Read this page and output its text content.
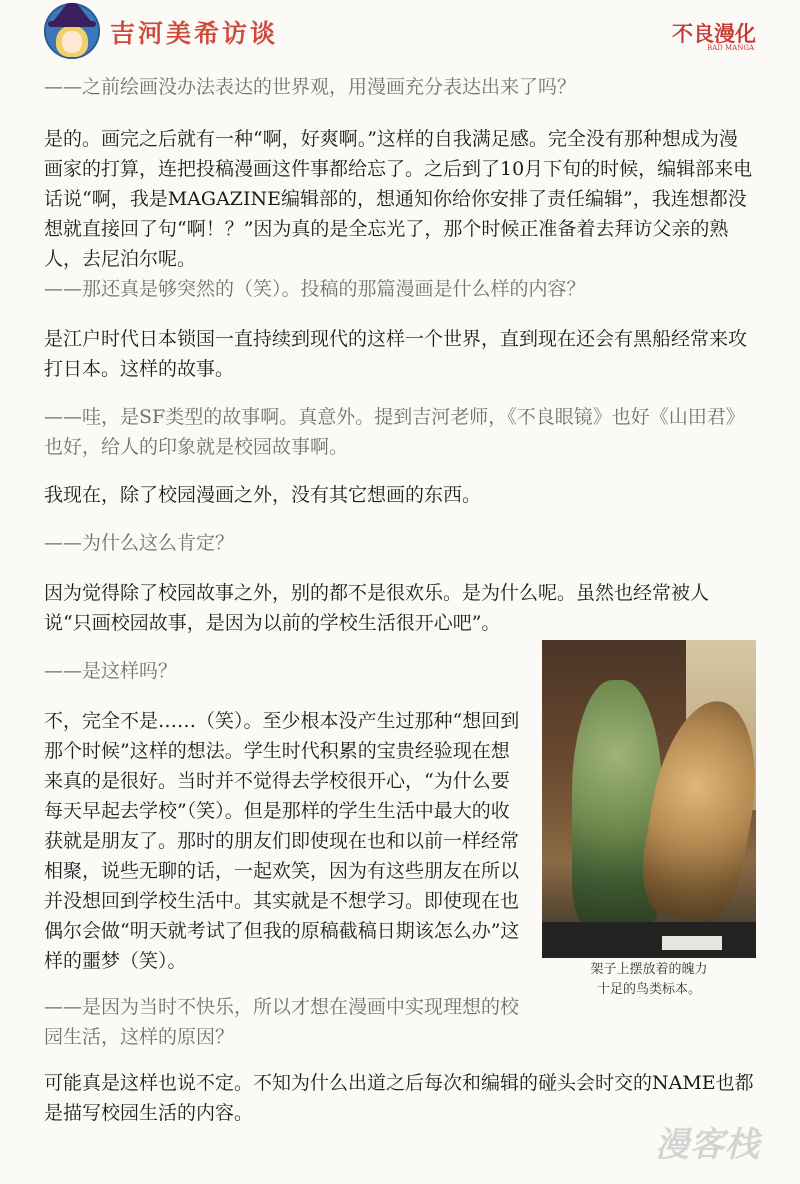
吉河美希访谈	不良漫化
BAD MANGA

——之前绘画没办法表达的世界观，用漫画充分表达出来了吗？

是的。画完之后就有一种“啊，好爽啊。”这样的自我满足感。完全没有那种想成为漫画家的打算，连把投稿漫画这件事都给忘了。之后到了10月下旬的时候，编辑部来电话说“啊，我是MAGAZINE编辑部的，想通知你给你安排了责任编辑”，我连想都没想就直接回了句“啊！？”因为真的是全忘光了，那个时候正准备着去拜访父亲的熟人，去尼泊尔呢。

——那还真是够突然的（笑）。投稿的那篇漫画是什么样的内容？

是江户时代日本锁国一直持续到现代的这样一个世界，直到现在还会有黑船经常来攻打日本。这样的故事。

——哇，是SF类型的故事啊。真意外。提到吉河老师，《不良眼镜》也好《山田君》也好，给人的印象就是校园故事啊。

我现在，除了校园漫画之外，没有其它想画的东西。

——为什么这么肯定？

因为觉得除了校园故事之外，别的都不是很欢乐。是为什么呢。虽然也经常被人说“只画校园故事，是因为以前的学校生活很开心吧”。

——是这样吗？

不，完全不是……（笑）。至少根本没产生过那种“想回到那个时候”这样的想法。学生时代积累的宝贵经验现在想来真的是很好。当时并不觉得去学校很开心，“为什么要每天早起去学校”（笑）。但是那样的学生生活中最大的收获就是朋友了。那时的朋友们即使现在也和以前一样经常相聚，说些无聊的话，一起欢笑，因为有这些朋友在所以并没想回到学校生活中。其实就是不想学习。即使现在也偶尔会做“明天就考试了但我的原稿截稿日期该怎么办”这样的噩梦（笑）。

——是因为当时不快乐，所以才想在漫画中实现理想的校园生活，这样的原因？

可能真是这样也说不定。不知为什么出道之后每次和编辑的碰头会时交的NAME也都是描写校园生活的内容。

架子上摆放着的魄力
十足的鸟类标本。
漫客栈
